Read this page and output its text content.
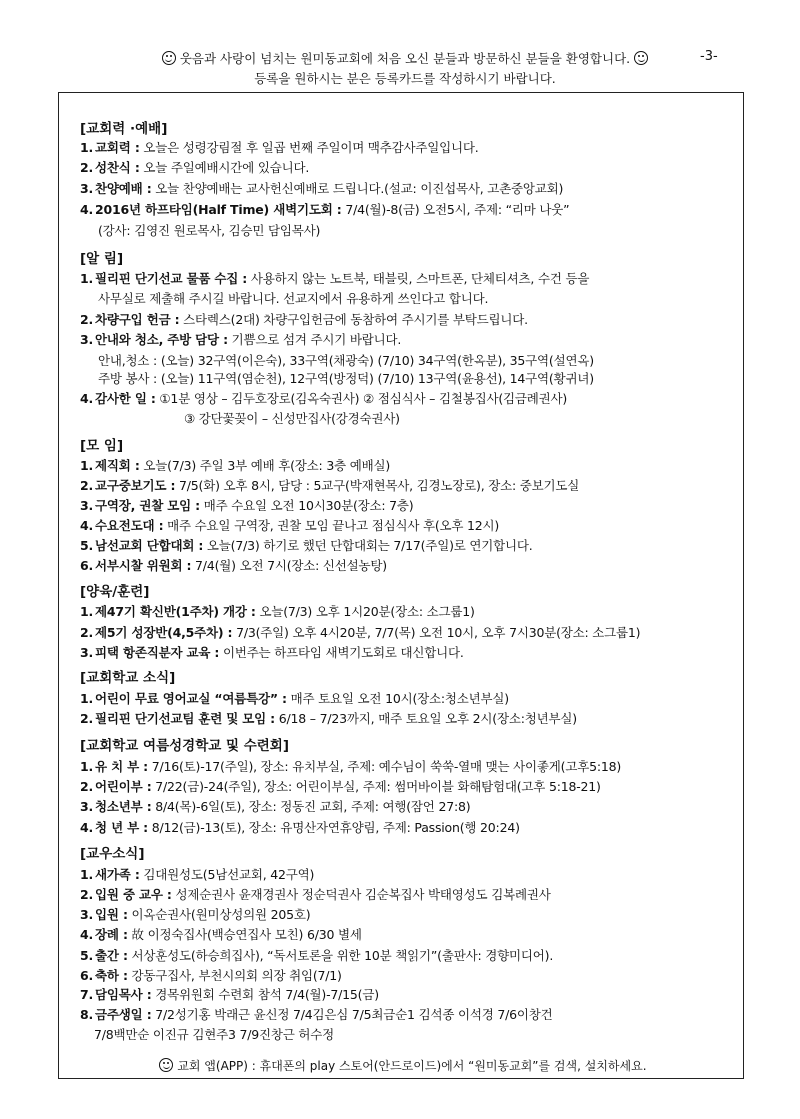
웃음과 사랑이 넘치는 원미동교회에 처음 오신 분들과 방문하신 분들을 환영합니다.	-3-
등록을 원하시는 분은 등록카드를 작성하시기 바랍니다.
[교회력 ·예배]
1. 교회력 : 오늘은 성령강림절 후 일곱 번째 주일이며 맥추감사주일입니다.
2. 성찬식 : 오늘 주일예배시간에 있습니다.
3. 찬양예배 : 오늘 찬양예배는 교사헌신예배로 드립니다.(설교: 이진섭목사, 고촌중앙교회)
4. 2016년 하프타임(Half Time) 새벽기도회 : 7/4(월)-8(금) 오전5시, 주제: “리마 나웃”
(강사: 김영진 원로목사, 김승민 담임목사)
[알 림]
1. 필리핀 단기선교 물품 수집 : 사용하지 않는 노트북, 태블릿, 스마트폰, 단체티셔츠, 수건 등을
사무실로 제출해 주시길 바랍니다. 선교지에서 유용하게 쓰인다고 합니다.
2. 차량구입 헌금 : 스타렉스(2대) 차량구입헌금에 동참하여 주시기를 부탁드립니다.
3. 안내와 청소, 주방 담당 : 기쁨으로 섬겨 주시기 바랍니다.
안내,청소 : (오늘) 32구역(이은숙), 33구역(채광숙) (7/10) 34구역(한옥분), 35구역(설연옥)
주방 봉사 : (오늘) 11구역(염순천), 12구역(방정덕) (7/10) 13구역(윤용선), 14구역(황귀녀)
4. 감사한 일 : ①1분 영상 – 김두호장로(김옥숙권사) ② 점심식사 – 김철봉집사(김금례권사)
③ 강단꽃꽂이 – 신성만집사(강경숙권사)
[모 임]
1. 제직회 : 오늘(7/3) 주일 3부 예배 후(장소: 3층 예배실)
2. 교구중보기도 : 7/5(화) 오후 8시, 담당 : 5교구(박재현목사, 김경노장로), 장소: 중보기도실
3. 구역장, 권찰 모임 : 매주 수요일 오전 10시30분(장소: 7층)
4. 수요전도대 : 매주 수요일 구역장, 권찰 모임 끝나고 점심식사 후(오후 12시)
5. 남선교회 단합대회 : 오늘(7/3) 하기로 했던 단합대회는 7/17(주일)로 연기합니다.
6. 서부시찰 위원회 : 7/4(월) 오전 7시(장소: 신선설농탕)
[양육/훈련]
1. 제47기 확신반(1주차) 개강 : 오늘(7/3) 오후 1시20분(장소: 소그룹1)
2. 제5기 성장반(4,5주차) : 7/3(주일) 오후 4시20분, 7/7(목) 오전 10시, 오후 7시30분(장소: 소그룹1)
3. 피택 항존직분자 교육 : 이번주는 하프타임 새벽기도회로 대신합니다.
[교회학교 소식]
1. 어린이 무료 영어교실 “여름특강” : 매주 토요일 오전 10시(장소:청소년부실)
2. 필리핀 단기선교팀 훈련 및 모임 : 6/18 – 7/23까지, 매주 토요일 오후 2시(장소:청년부실)
[교회학교 여름성경학교 및 수련회]
1. 유 치 부 : 7/16(토)-17(주일), 장소: 유치부실, 주제: 예수님이 쑥쑥-열매 맺는 사이좋게(고후5:18)
2. 어린이부 : 7/22(금)-24(주일), 장소: 어린이부실, 주제: 썸머바이블 화해탐험대(고후 5:18-21)
3. 청소년부 : 8/4(목)-6일(토), 장소: 정동진 교회, 주제: 여행(잠언 27:8)
4. 청 년 부 : 8/12(금)-13(토), 장소: 유명산자연휴양림, 주제: Passion(행 20:24)
[교우소식]
1. 새가족 : 김대원성도(5남선교회, 42구역)
2. 입원 중 교우 : 성제순권사 윤재경권사 정순덕권사 김순복집사 박태영성도 김복례권사
3. 입원 : 이옥순권사(원미상성의원 205호)
4. 장례 : 故 이정숙집사(백승연집사 모친) 6/30 별세
5. 출간 : 서상훈성도(하승희집사), “독서토론을 위한 10분 책읽기”(출판사: 경향미디어).
6. 축하 : 강동구집사, 부천시의회 의장 취임(7/1)
7. 담임목사 : 경목위원회 수련회 참석 7/4(월)-7/15(금)
8. 금주생일 : 7/2성기홍 박래근 윤신정 7/4김은심 7/5최금순1 김석종 이석경 7/6이창건
7/8백만순 이진규 김현주3 7/9진창근 허수정
교회 앱(APP) : 휴대폰의 play 스토어(안드로이드)에서 “원미동교회”를 검색, 설치하세요.
